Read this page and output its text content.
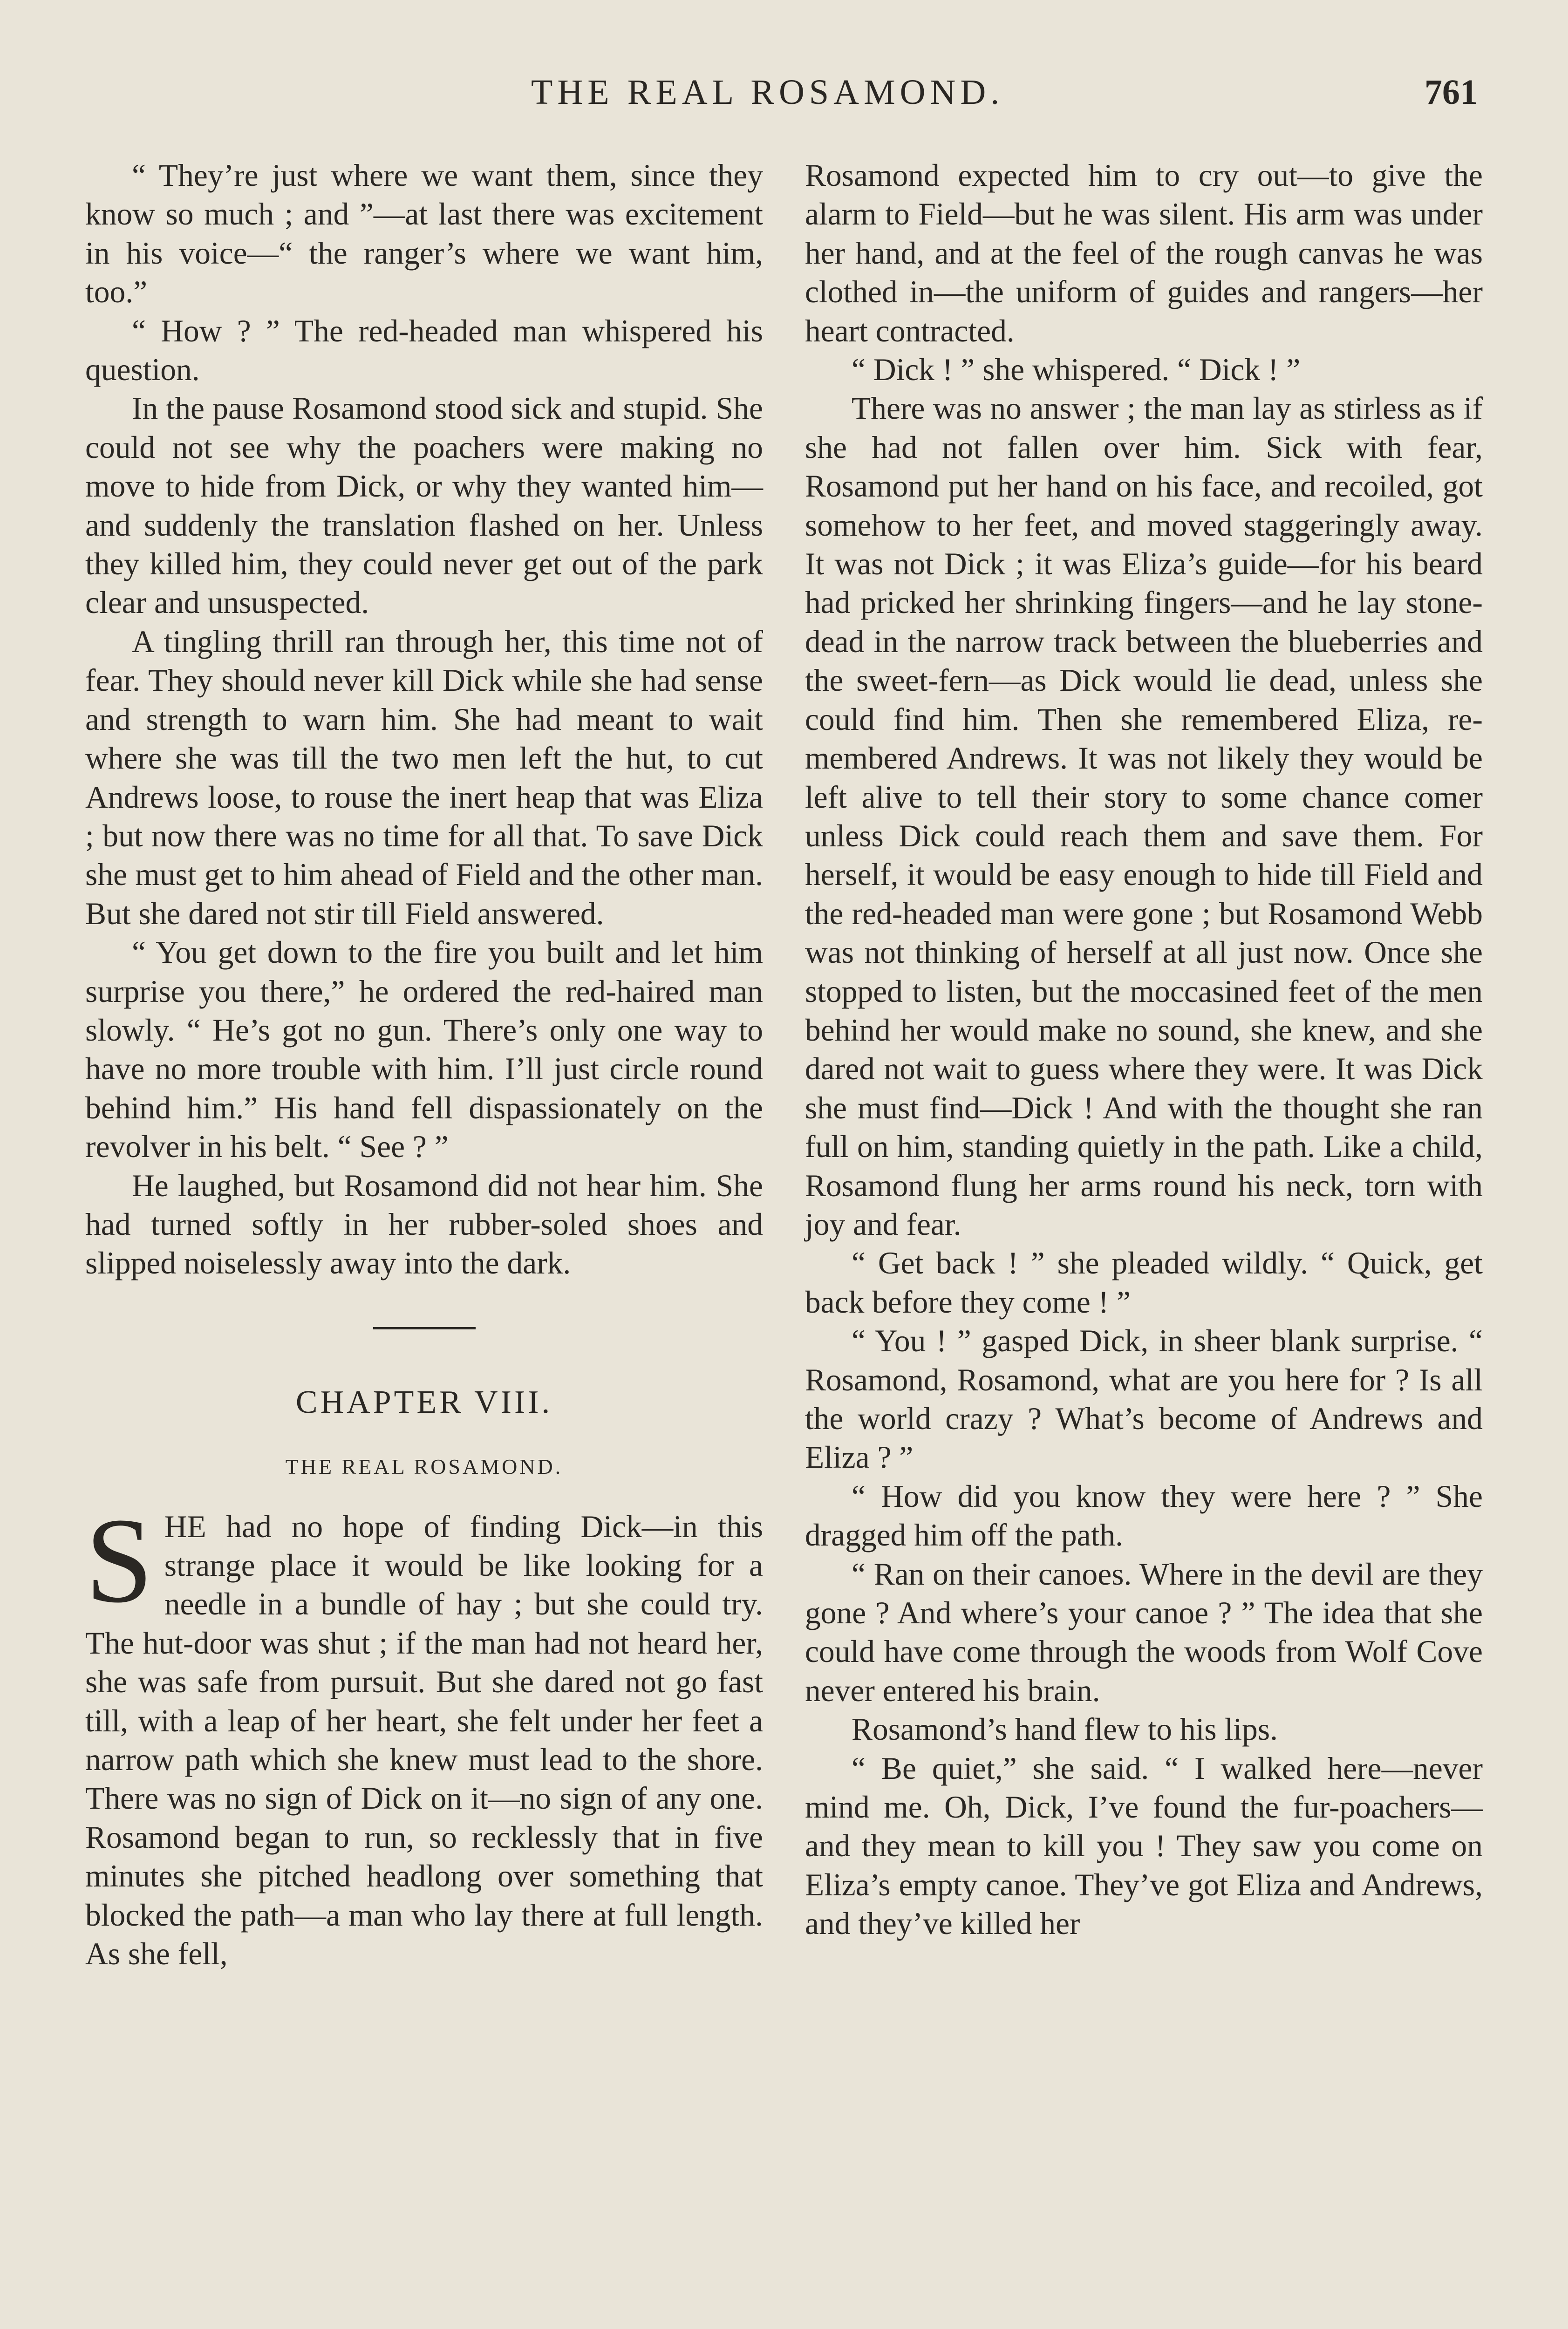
THE REAL ROSAMOND.	761

“ They’re just where we want them, since they know so much ; and ”—at last there was excitement in his voice—“ the ranger’s where we want him, too.”

“ How ? ” The red-headed man whispered his question.

In the pause Rosamond stood sick and stupid. She could not see why the poachers were making no move to hide from Dick, or why they wanted him—and suddenly the translation flashed on her. Unless they killed him, they could never get out of the park clear and unsuspected.

A tingling thrill ran through her, this time not of fear. They should never kill Dick while she had sense and strength to warn him. She had meant to wait where she was till the two men left the hut, to cut Andrews loose, to rouse the inert heap that was Eliza ; but now there was no time for all that. To save Dick she must get to him ahead of Field and the other man. But she dared not stir till Field answered.

“ You get down to the fire you built and let him surprise you there,” he ordered the red-haired man slowly. “ He’s got no gun. There’s only one way to have no more trouble with him. I’ll just circle round behind him.” His hand fell dispassionately on the revolver in his belt. “ See ? ”

He laughed, but Rosamond did not hear him. She had turned softly in her rubber-soled shoes and slipped noiselessly away into the dark.

CHAPTER VIII.
THE REAL ROSAMOND.

SHE had no hope of finding Dick—in this strange place it would be like looking for a needle in a bundle of hay ; but she could try. The hut-door was shut ; if the man had not heard her, she was safe from pursuit. But she dared not go fast till, with a leap of her heart, she felt under her feet a narrow path which she knew must lead to the shore. There was no sign of Dick on it—no sign of any one. Rosamond began to run, so recklessly that in five minutes she pitched headlong over something that blocked the path—a man who lay there at full length. As she fell,

Rosamond expected him to cry out—to give the alarm to Field—but he was silent. His arm was under her hand, and at the feel of the rough canvas he was clothed in—the uniform of guides and rangers—her heart contracted.

“ Dick ! ” she whispered. “ Dick ! ”

There was no answer ; the man lay as stirless as if she had not fallen over him. Sick with fear, Rosamond put her hand on his face, and recoiled, got somehow to her feet, and moved staggeringly away. It was not Dick ; it was Eliza’s guide—for his beard had pricked her shrinking fingers—and he lay stone-dead in the narrow track between the blueberries and the sweet-fern—as Dick would lie dead, unless she could find him. Then she remembered Eliza, remembered Andrews. It was not likely they would be left alive to tell their story to some chance comer unless Dick could reach them and save them. For herself, it would be easy enough to hide till Field and the red-headed man were gone ; but Rosamond Webb was not thinking of herself at all just now. Once she stopped to listen, but the moccasined feet of the men behind her would make no sound, she knew, and she dared not wait to guess where they were. It was Dick she must find—Dick ! And with the thought she ran full on him, standing quietly in the path. Like a child, Rosamond flung her arms round his neck, torn with joy and fear.

“ Get back ! ” she pleaded wildly. “ Quick, get back before they come ! ”

“ You ! ” gasped Dick, in sheer blank surprise. “ Rosamond, Rosamond, what are you here for ? Is all the world crazy ? What’s become of Andrews and Eliza ? ”

“ How did you know they were here ? ” She dragged him off the path.

“ Ran on their canoes. Where in the devil are they gone ? And where’s your canoe ? ” The idea that she could have come through the woods from Wolf Cove never entered his brain.

Rosamond’s hand flew to his lips.

“ Be quiet,” she said. “ I walked here—never mind me. Oh, Dick, I’ve found the fur-poachers—and they mean to kill you ! They saw you come on Eliza’s empty canoe. They’ve got Eliza and Andrews, and they’ve killed her
